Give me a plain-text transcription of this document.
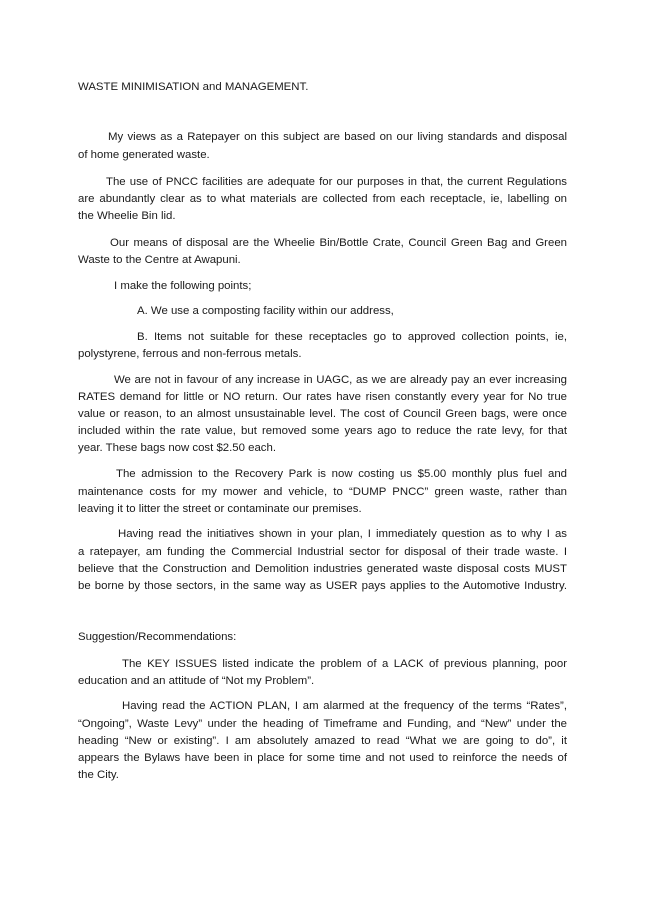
WASTE MINIMISATION and MANAGEMENT.
My views as a Ratepayer on this subject are based on our living standards and disposal
of home generated waste.
The use of PNCC facilities are adequate for our purposes in that, the current Regulations
are abundantly clear as to what materials are collected from each receptacle, ie, labelling on
the Wheelie Bin lid.
Our means of disposal are the Wheelie Bin/Bottle Crate, Council Green Bag and Green
Waste to the Centre at Awapuni.
I make the following points;
A. We use a composting facility within our address,
B. Items not suitable for these receptacles go to approved collection points, ie,
polystyrene, ferrous and non-ferrous metals.
We are not in favour of any increase in UAGC, as we are already pay an ever increasing
RATES demand for little or NO return. Our rates have risen constantly every year for No true
value or reason, to an almost unsustainable level. The cost of Council Green bags, were once
included within the rate value, but removed some years ago to reduce the rate levy, for that
year. These bags now cost $2.50 each.
The admission to the Recovery Park is now costing us $5.00 monthly plus fuel and
maintenance costs for my mower and vehicle, to “DUMP PNCC” green waste, rather than
leaving it to litter the street or contaminate our premises.
Having read the initiatives shown in your plan, I immediately question as to why I as
a ratepayer, am funding the Commercial Industrial sector for disposal of their trade waste. I
believe that the Construction and Demolition industries generated waste disposal costs MUST
be borne by those sectors, in the same way as USER pays applies to the Automotive Industry.
Suggestion/Recommendations:
The KEY ISSUES listed indicate the problem of a LACK of previous planning, poor
education and an attitude of “Not my Problem”.
Having read the ACTION PLAN, I am alarmed at the frequency of the terms “Rates”,
“Ongoing”, Waste Levy” under the heading of Timeframe and Funding, and “New” under the
heading “New or existing”. I am absolutely amazed to read “What we are going to do”, it
appears the Bylaws have been in place for some time and not used to reinforce the needs of
the City.
